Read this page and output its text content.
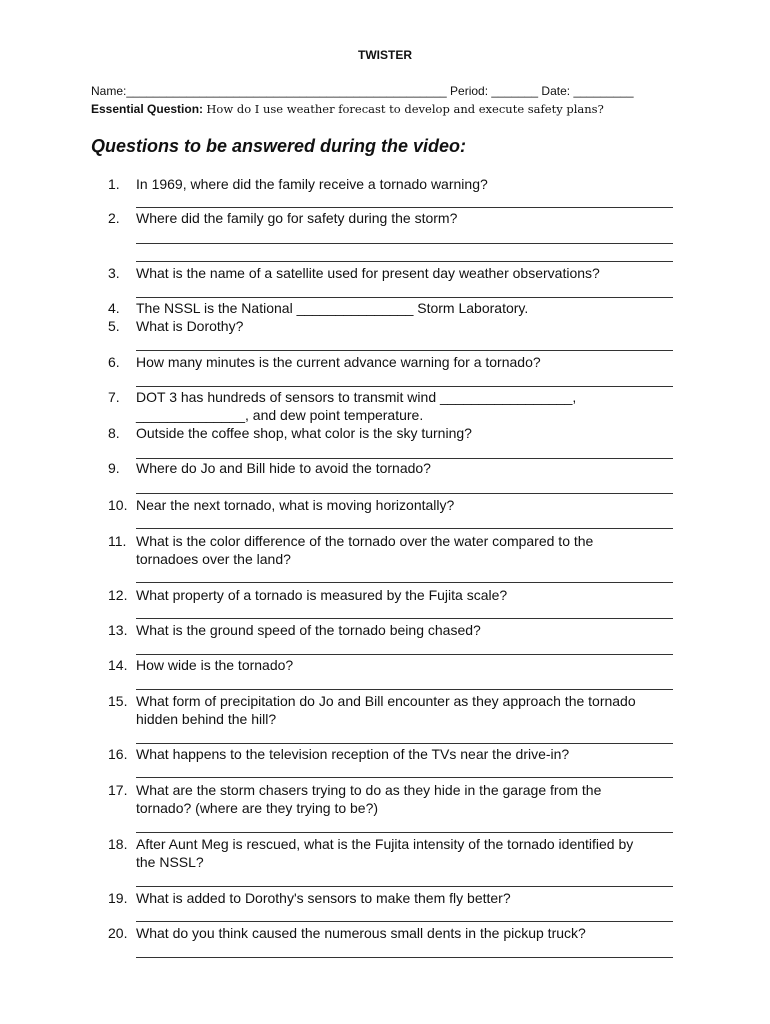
TWISTER
Name:________________________________________________ Period: _______ Date: _________
Essential Question: How do I use weather forecast to develop and execute safety plans?
Questions to be answered during the video:
1.	In 1969, where did the family receive a tornado warning?
2.	Where did the family go for safety during the storm?
3.	What is the name of a satellite used for present day weather observations?
4.	The NSSL is the National _______________ Storm Laboratory.
5.	What is Dorothy?
6.	How many minutes is the current advance warning for a tornado?
7.	DOT 3 has hundreds of sensors to transmit wind _________________,
______________, and dew point temperature.
8.	Outside the coffee shop, what color is the sky turning?
9.	Where do Jo and Bill hide to avoid the tornado?
10. Near the next tornado, what is moving horizontally?
11. What is the color difference of the tornado over the water compared to the
tornadoes over the land?
12. What property of a tornado is measured by the Fujita scale?
13. What is the ground speed of the tornado being chased?
14. How wide is the tornado?
15. What form of precipitation do Jo and Bill encounter as they approach the tornado
hidden behind the hill?
16. What happens to the television reception of the TVs near the drive-in?
17. What are the storm chasers trying to do as they hide in the garage from the
tornado? (where are they trying to be?)
18. After Aunt Meg is rescued, what is the Fujita intensity of the tornado identified by
the NSSL?
19. What is added to Dorothy's sensors to make them fly better?
20. What do you think caused the numerous small dents in the pickup truck?
